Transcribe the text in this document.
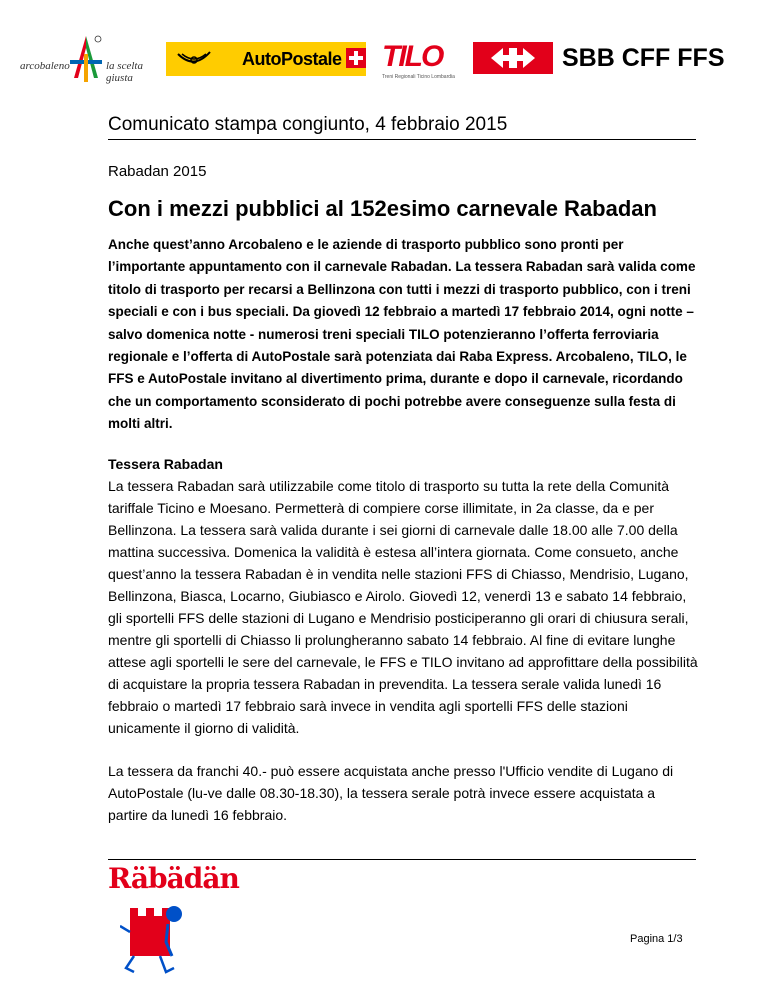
arcobaleno	la scelta giusta
AutoPostale TILO
Treni Regionali Ticino Lombardia
SBB CFF FFS
Comunicato stampa congiunto, 4 febbraio 2015
Rabadan 2015
Con i mezzi pubblici al 152esimo carnevale Rabadan

Anche quest’anno Arcobaleno e le aziende di trasporto pubblico sono pronti per l’importante appuntamento con il carnevale Rabadan. La tessera Rabadan sarà valida come titolo di trasporto per recarsi a Bellinzona con tutti i mezzi di trasporto pubblico, con i treni speciali e con i bus speciali. Da giovedì 12 febbraio a martedì 17 febbraio 2014, ogni notte – salvo domenica notte - numerosi treni speciali TILO potenzieranno l’offerta ferroviaria regionale e l’offerta di AutoPostale sarà potenziata dai Raba Express. Arcobaleno, TILO, le FFS e AutoPostale invitano al divertimento prima, durante e dopo il carnevale, ricordando che un comportamento sconsiderato di pochi potrebbe avere conseguenze sulla festa di molti altri.

Tessera Rabadan

La tessera Rabadan sarà utilizzabile come titolo di trasporto su tutta la rete della Comunità tariffale Ticino e Moesano. Permetterà di compiere corse illimitate, in 2a classe, da e per Bellinzona. La tessera sarà valida durante i sei giorni di carnevale dalle 18.00 alle 7.00 della mattina successiva. Domenica la validità è estesa all’intera giornata. Come consueto, anche quest’anno la tessera Rabadan è in vendita nelle stazioni FFS di Chiasso, Mendrisio, Lugano, Bellinzona, Biasca, Locarno, Giubiasco e Airolo. Giovedì 12, venerdì 13 e sabato 14 febbraio, gli sportelli FFS delle stazioni di Lugano e Mendrisio posticiperanno gli orari di chiusura serali, mentre gli sportelli di Chiasso li prolungheranno sabato 14 febbraio. Al fine di evitare lunghe attese agli sportelli le sere del carnevale, le FFS e TILO invitano ad approfittare della possibilità di acquistare la propria tessera Rabadan in prevendita. La tessera serale valida lunedì 16 febbraio o martedì 17 febbraio sarà invece in vendita agli sportelli FFS delle stazioni unicamente il giorno di validità.

La tessera da franchi 40.- può essere acquistata anche presso l'Ufficio vendite di Lugano di AutoPostale (lu-ve dalle 08.30-18.30), la tessera serale potrà invece essere acquistata a partire da lunedì 16 febbraio.

Räbädän
Pagina 1/3
